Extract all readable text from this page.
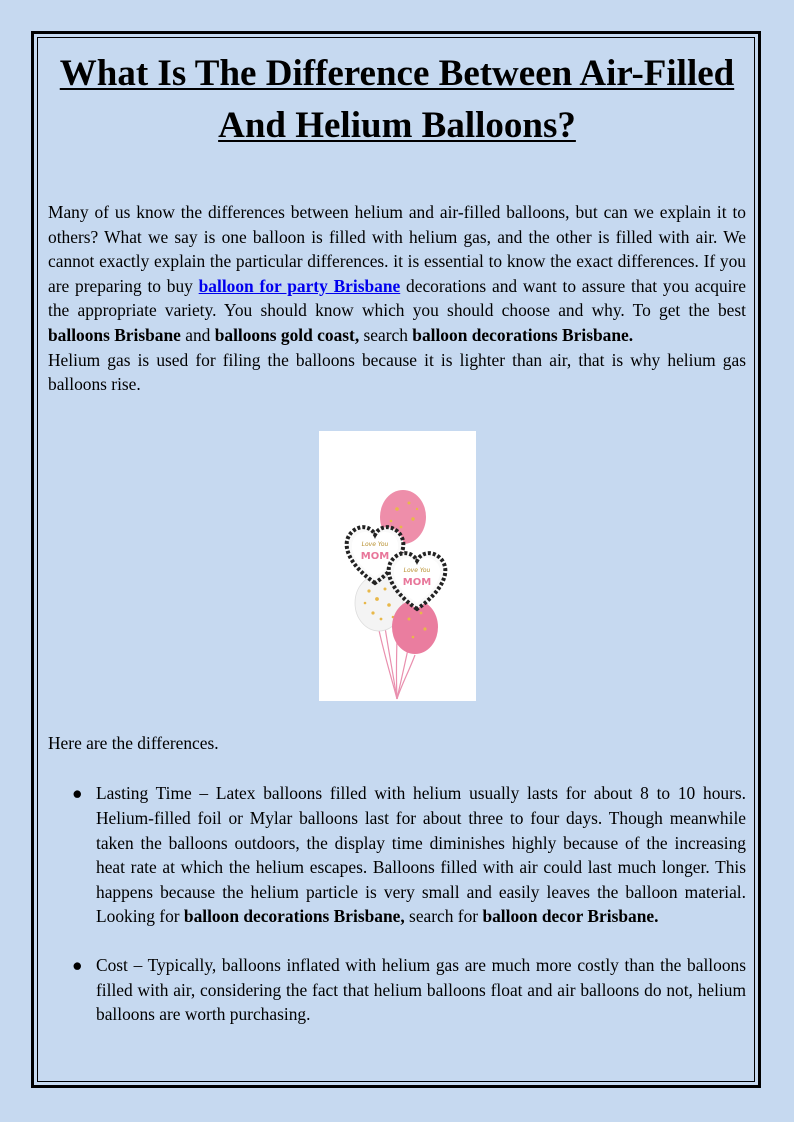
What Is The Difference Between Air-Filled
And Helium Balloons?

Many of us know the differences between helium and air-filled balloons, but can we explain it to others? What we say is one balloon is filled with helium gas, and the other is filled with air. We cannot exactly explain the particular differences. it is essential to know the exact differences. If you are preparing to buy balloon for party Brisbane decorations and want to assure that you acquire the appropriate variety. You should know which you should choose and why. To get the best balloons Brisbane and balloons gold coast, search balloon decorations Brisbane.

Helium gas is used for filing the balloons because it is lighter than air, that is why helium gas balloons rise.

Love You
MOM
Love You
MOM

Here are the differences.

● Lasting Time – Latex balloons filled with helium usually lasts for about 8 to 10 hours. Helium-filled foil or Mylar balloons last for about three to four days. Though meanwhile taken the balloons outdoors, the display time diminishes highly because of the increasing heat rate at which the helium escapes. Balloons filled with air could last much longer. This happens because the helium particle is very small and easily leaves the balloon material. Looking for balloon decorations Brisbane, search for balloon decor Brisbane.
● Cost – Typically, balloons inflated with helium gas are much more costly than the balloons filled with air, considering the fact that helium balloons float and air balloons do not, helium balloons are worth purchasing.
